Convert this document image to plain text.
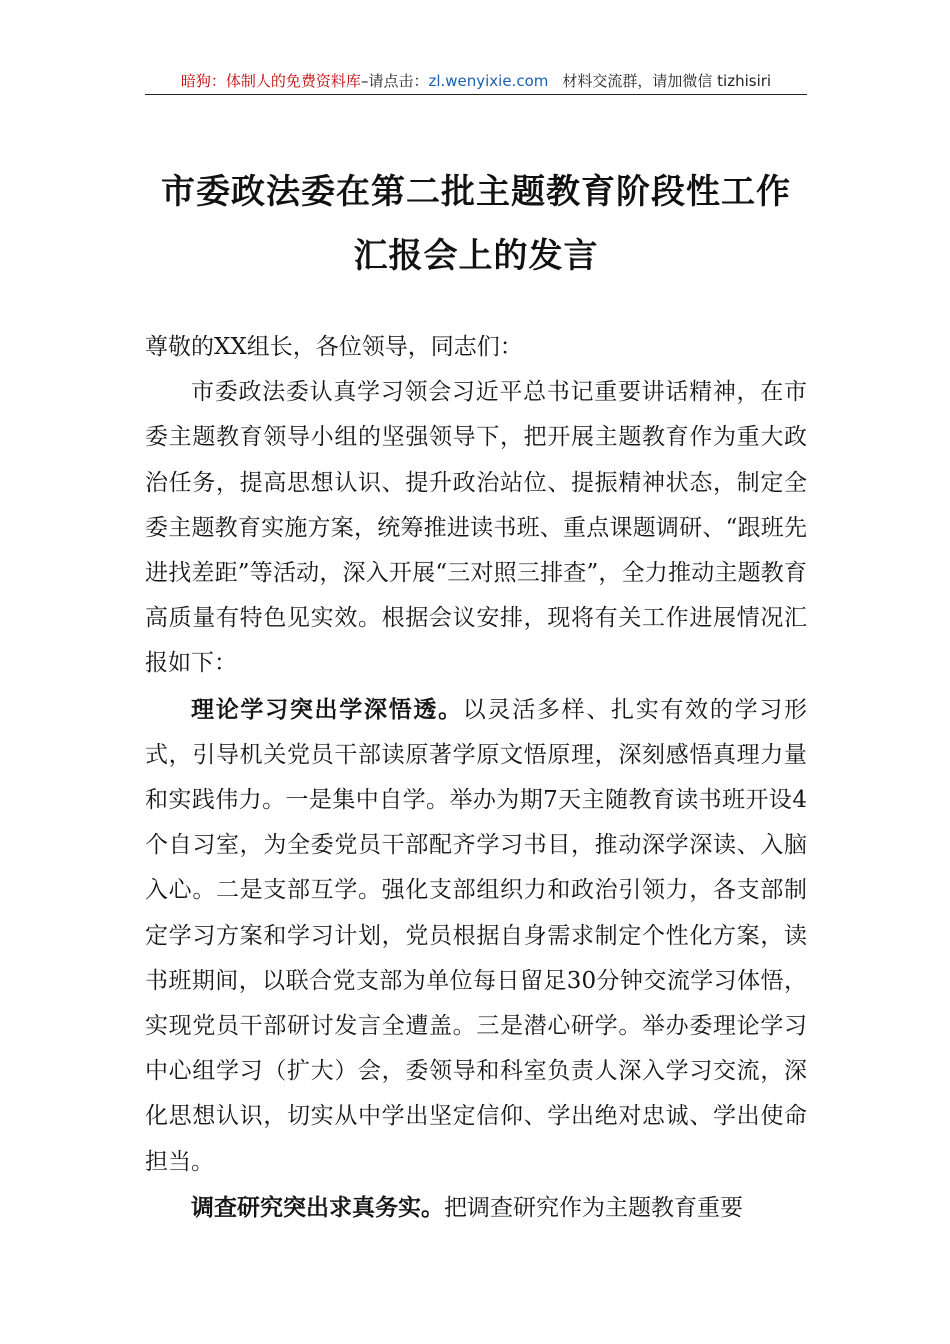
暗狗：体制人的免费资料库–请点击：zl.wenyixie.com 材料交流群，请加微信 tizhisiri
市委政法委在第二批主题教育阶段性工作
汇报会上的发言

尊敬的XX组长，各位领导，同志们：

市委政法委认真学习领会习近平总书记重要讲话精神，在市委主题教育领导小组的坚强领导下，把开展主题教育作为重大政治任务，提高思想认识、提升政治站位、提振精神状态，制定全委主题教育实施方案，统筹推进读书班、重点课题调研、“跟班先进找差距”等活动，深入开展“三对照三排查”，全力推动主题教育高质量有特色见实效。根据会议安排，现将有关工作进展情况汇报如下：

理论学习突出学深悟透。以灵活多样、扎实有效的学习形式，引导机关党员干部读原著学原文悟原理，深刻感悟真理力量和实践伟力。一是集中自学。举办为期7天主随教育读书班开设4个自习室，为全委党员干部配齐学习书目，推动深学深读、入脑入心。二是支部互学。强化支部组织力和政治引领力，各支部制定学习方案和学习计划，党员根据自身需求制定个性化方案，读书班期间，以联合党支部为单位每日留足30分钟交流学习体悟，实现党员干部研讨发言全遭盖。三是潜心研学。举办委理论学习中心组学习（扩大）会，委领导和科室负责人深入学习交流，深化思想认识，切实从中学出坚定信仰、学出绝对忠诚、学出使命担当。

调查研究突出求真务实。把调查研究作为主题教育重要
